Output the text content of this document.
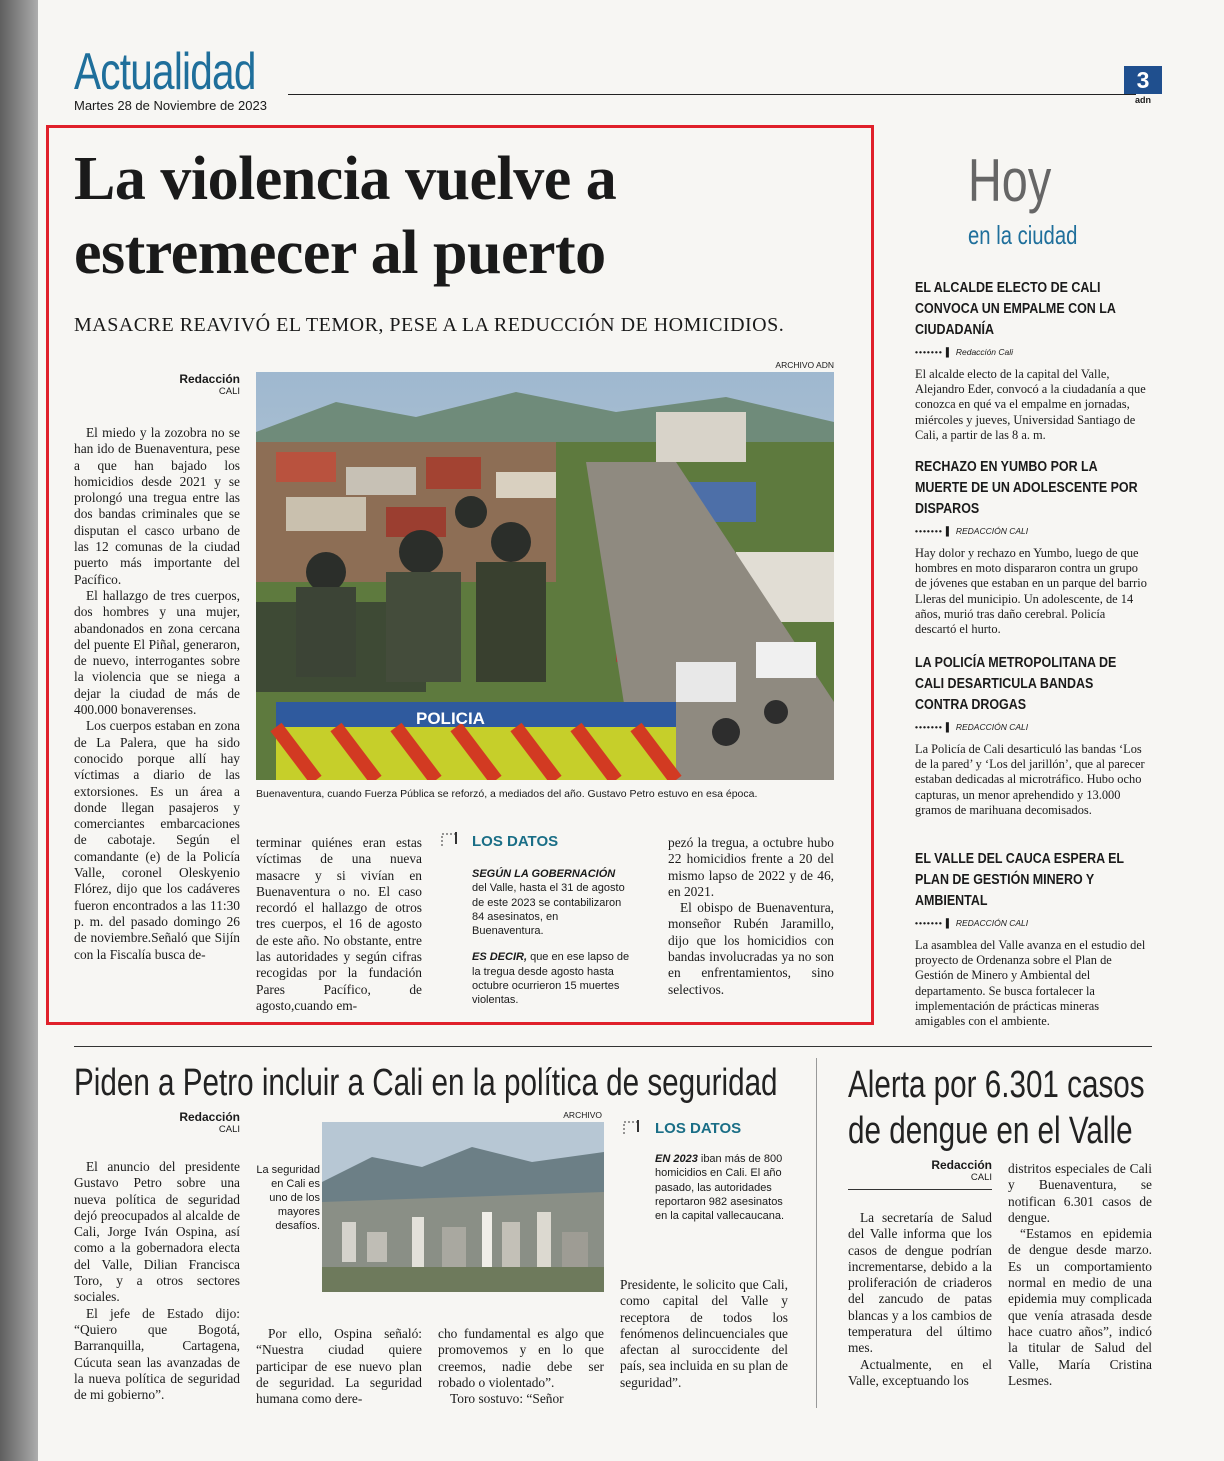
Actualidad
Martes 28 de Noviembre de 2023
3
adn
La violencia vuelve a
estremecer al puerto
MASACRE REAVIVÓ EL TEMOR, PESE A LA REDUCCIÓN DE HOMICIDIOS.
Redacción
CALI
ARCHIVO ADN
POLICIA
Buenaventura, cuando Fuerza Pública se reforzó, a mediados del año. Gustavo Petro estuvo en esa época.

El miedo y la zozobra no se han ido de Buenaventura, pese a que han bajado los homicidios desde 2021 y se prolongó una tregua entre las dos bandas criminales que se disputan el casco urbano de las 12 comunas de la ciudad puerto más importante del Pacífico.

El hallazgo de tres cuerpos, dos hombres y una mujer, abandonados en zona cercana del puente El Piñal, generaron, de nuevo, interrogantes sobre la violencia que se niega a dejar la ciudad de más de 400.000 bonaverenses.

Los cuerpos estaban en zona de La Palera, que ha sido conocido porque allí hay víctimas a diario de las extorsiones. Es un área a donde llegan pasajeros y comerciantes embarcaciones de cabotaje. Según el comandante (e) de la Policía Valle, coronel Oleskyenio Flórez, dijo que los cadáveres fueron encontrados a las 11:30 p. m. del pasado domingo 26 de noviembre.Señaló que Sijín con la Fiscalía busca de-

terminar quiénes eran estas víctimas de una nueva masacre y si vivían en Buenaventura o no. El caso recordó el hallazgo de otros tres cuerpos, el 16 de agosto de este año. No obstante, entre las autoridades y según cifras recogidas por la fundación Pares Pacífico, de agosto,cuando em-

LOS DATOS
SEGÚN LA GOBERNACIÓN del Valle, hasta el 31 de agosto de este 2023 se contabilizaron 84 asesinatos, en Buenaventura.
ES DECIR, que en ese lapso de la tregua desde agosto hasta octubre ocurrieron 15 muertes violentas.

pezó la tregua, a octubre hubo 22 homicidios frente a 20 del mismo lapso de 2022 y de 46, en 2021.

El obispo de Buenaventura, monseñor Rubén Jaramillo, dijo que los homicidios con bandas involucradas ya no son en enfrentamientos, sino selectivos.

Hoy
en la ciudad
EL ALCALDE ELECTO DE CALI CONVOCA UN EMPALME CON LA CIUDADANÍA
•••••••▐ Redacción Cali
El alcalde electo de la capital del Valle, Alejandro Eder, convocó a la ciudadanía a que conozca en qué va el empalme en jornadas, miércoles y jueves, Universidad Santiago de Cali, a partir de las 8 a. m.
RECHAZO EN YUMBO POR LA MUERTE DE UN ADOLESCENTE POR DISPAROS
•••••••▐ REDACCIÓN CALI
Hay dolor y rechazo en Yumbo, luego de que hombres en moto dispararon contra un grupo de jóvenes que estaban en un parque del barrio Lleras del municipio. Un adolescente, de 14 años, murió tras daño cerebral. Policía descartó el hurto.
LA POLICÍA METROPOLITANA DE CALI DESARTICULA BANDAS CONTRA DROGAS
•••••••▐ REDACCIÓN CALI
La Policía de Cali desarticuló las bandas ‘Los de la pared’ y ‘Los del jarillón’, que al parecer estaban dedicadas al microtráfico. Hubo ocho capturas, un menor aprehendido y 13.000 gramos de marihuana decomisados.
EL VALLE DEL CAUCA ESPERA EL PLAN DE GESTIÓN MINERO Y AMBIENTAL
•••••••▐ REDACCIÓN CALI
La asamblea del Valle avanza en el estudio del proyecto de Ordenanza sobre el Plan de Gestión de Minero y Ambiental del departamento. Se busca fortalecer la implementación de prácticas mineras amigables con el ambiente.
Piden a Petro incluir a Cali en la política de seguridad
Redacción
CALI

El anuncio del presidente Gustavo Petro sobre una nueva política de seguridad dejó preocupados al alcalde de Cali, Jorge Iván Ospina, así como a la gobernadora electa del Valle, Dilian Francisca Toro, y a otros sectores sociales.

El jefe de Estado dijo: “Quiero que Bogotá, Barranquilla, Cartagena, Cúcuta sean las avanzadas de la nueva política de seguridad de mi gobierno”.

La seguridad en Cali es uno de los mayores desafíos.
ARCHIVO

Por ello, Ospina señaló: “Nuestra ciudad quiere participar de ese nuevo plan de seguridad. La seguridad humana como dere-

cho fundamental es algo que promovemos y en lo que creemos, nadie debe ser robado o violentado”.

Toro sostuvo: “Señor

LOS DATOS
EN 2023 iban más de 800 homicidios en Cali. El año pasado, las autoridades reportaron 982 asesinatos en la capital vallecaucana.

Presidente, le solicito que Cali, como capital del Valle y receptora de todos los fenómenos delincuenciales que afectan al suroccidente del país, sea incluida en su plan de seguridad”.

Alerta por 6.301 casos
de dengue en el Valle
Redacción
CALI

La secretaría de Salud del Valle informa que los casos de dengue podrían incrementarse, debido a la proliferación de criaderos del zancudo de patas blancas y a los cambios de temperatura del último mes.

Actualmente, en el Valle, exceptuando los

distritos especiales de Cali y Buenaventura, se notifican 6.301 casos de dengue.

“Estamos en epidemia de dengue desde marzo. Es un comportamiento normal en medio de una epidemia muy complicada que venía atrasada desde hace cuatro años”, indicó la titular de Salud del Valle, María Cristina Lesmes.
